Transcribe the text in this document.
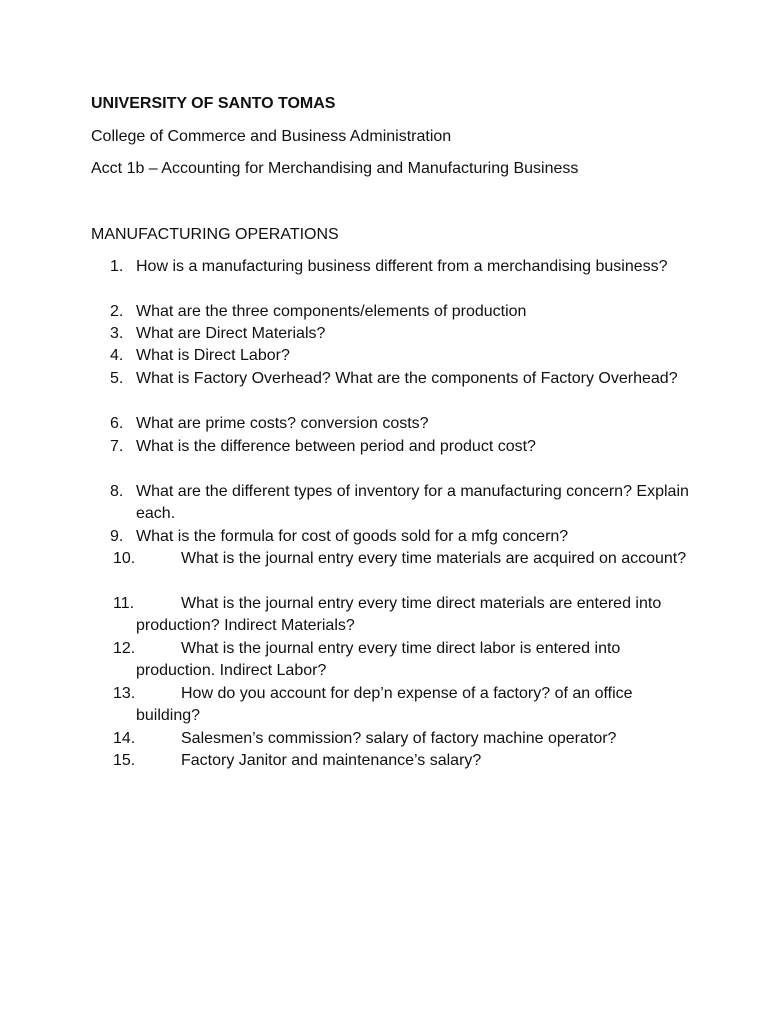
UNIVERSITY OF SANTO TOMAS
College of Commerce and Business Administration
Acct 1b – Accounting for Merchandising and Manufacturing Business
MANUFACTURING OPERATIONS
1. How is a manufacturing business different from a merchandising business?
2. What are the three components/elements of production
3. What are Direct Materials?
4. What is Direct Labor?
5. What is Factory Overhead? What are the components of Factory Overhead?
6. What are prime costs? conversion costs?
7. What is the difference between period and product cost?
8. What are the different types of inventory for a manufacturing concern? Explain each.
9. What is the formula for cost of goods sold for a mfg concern?
10.	What is the journal entry every time materials are acquired on account?
11.	What is the journal entry every time direct materials are entered into production? Indirect Materials?
12.	What is the journal entry every time direct labor is entered into production. Indirect Labor?
13.	How do you account for dep’n expense of a factory? of an office building?
14.	Salesmen’s commission? salary of factory machine operator?
15.	Factory Janitor and maintenance’s salary?
